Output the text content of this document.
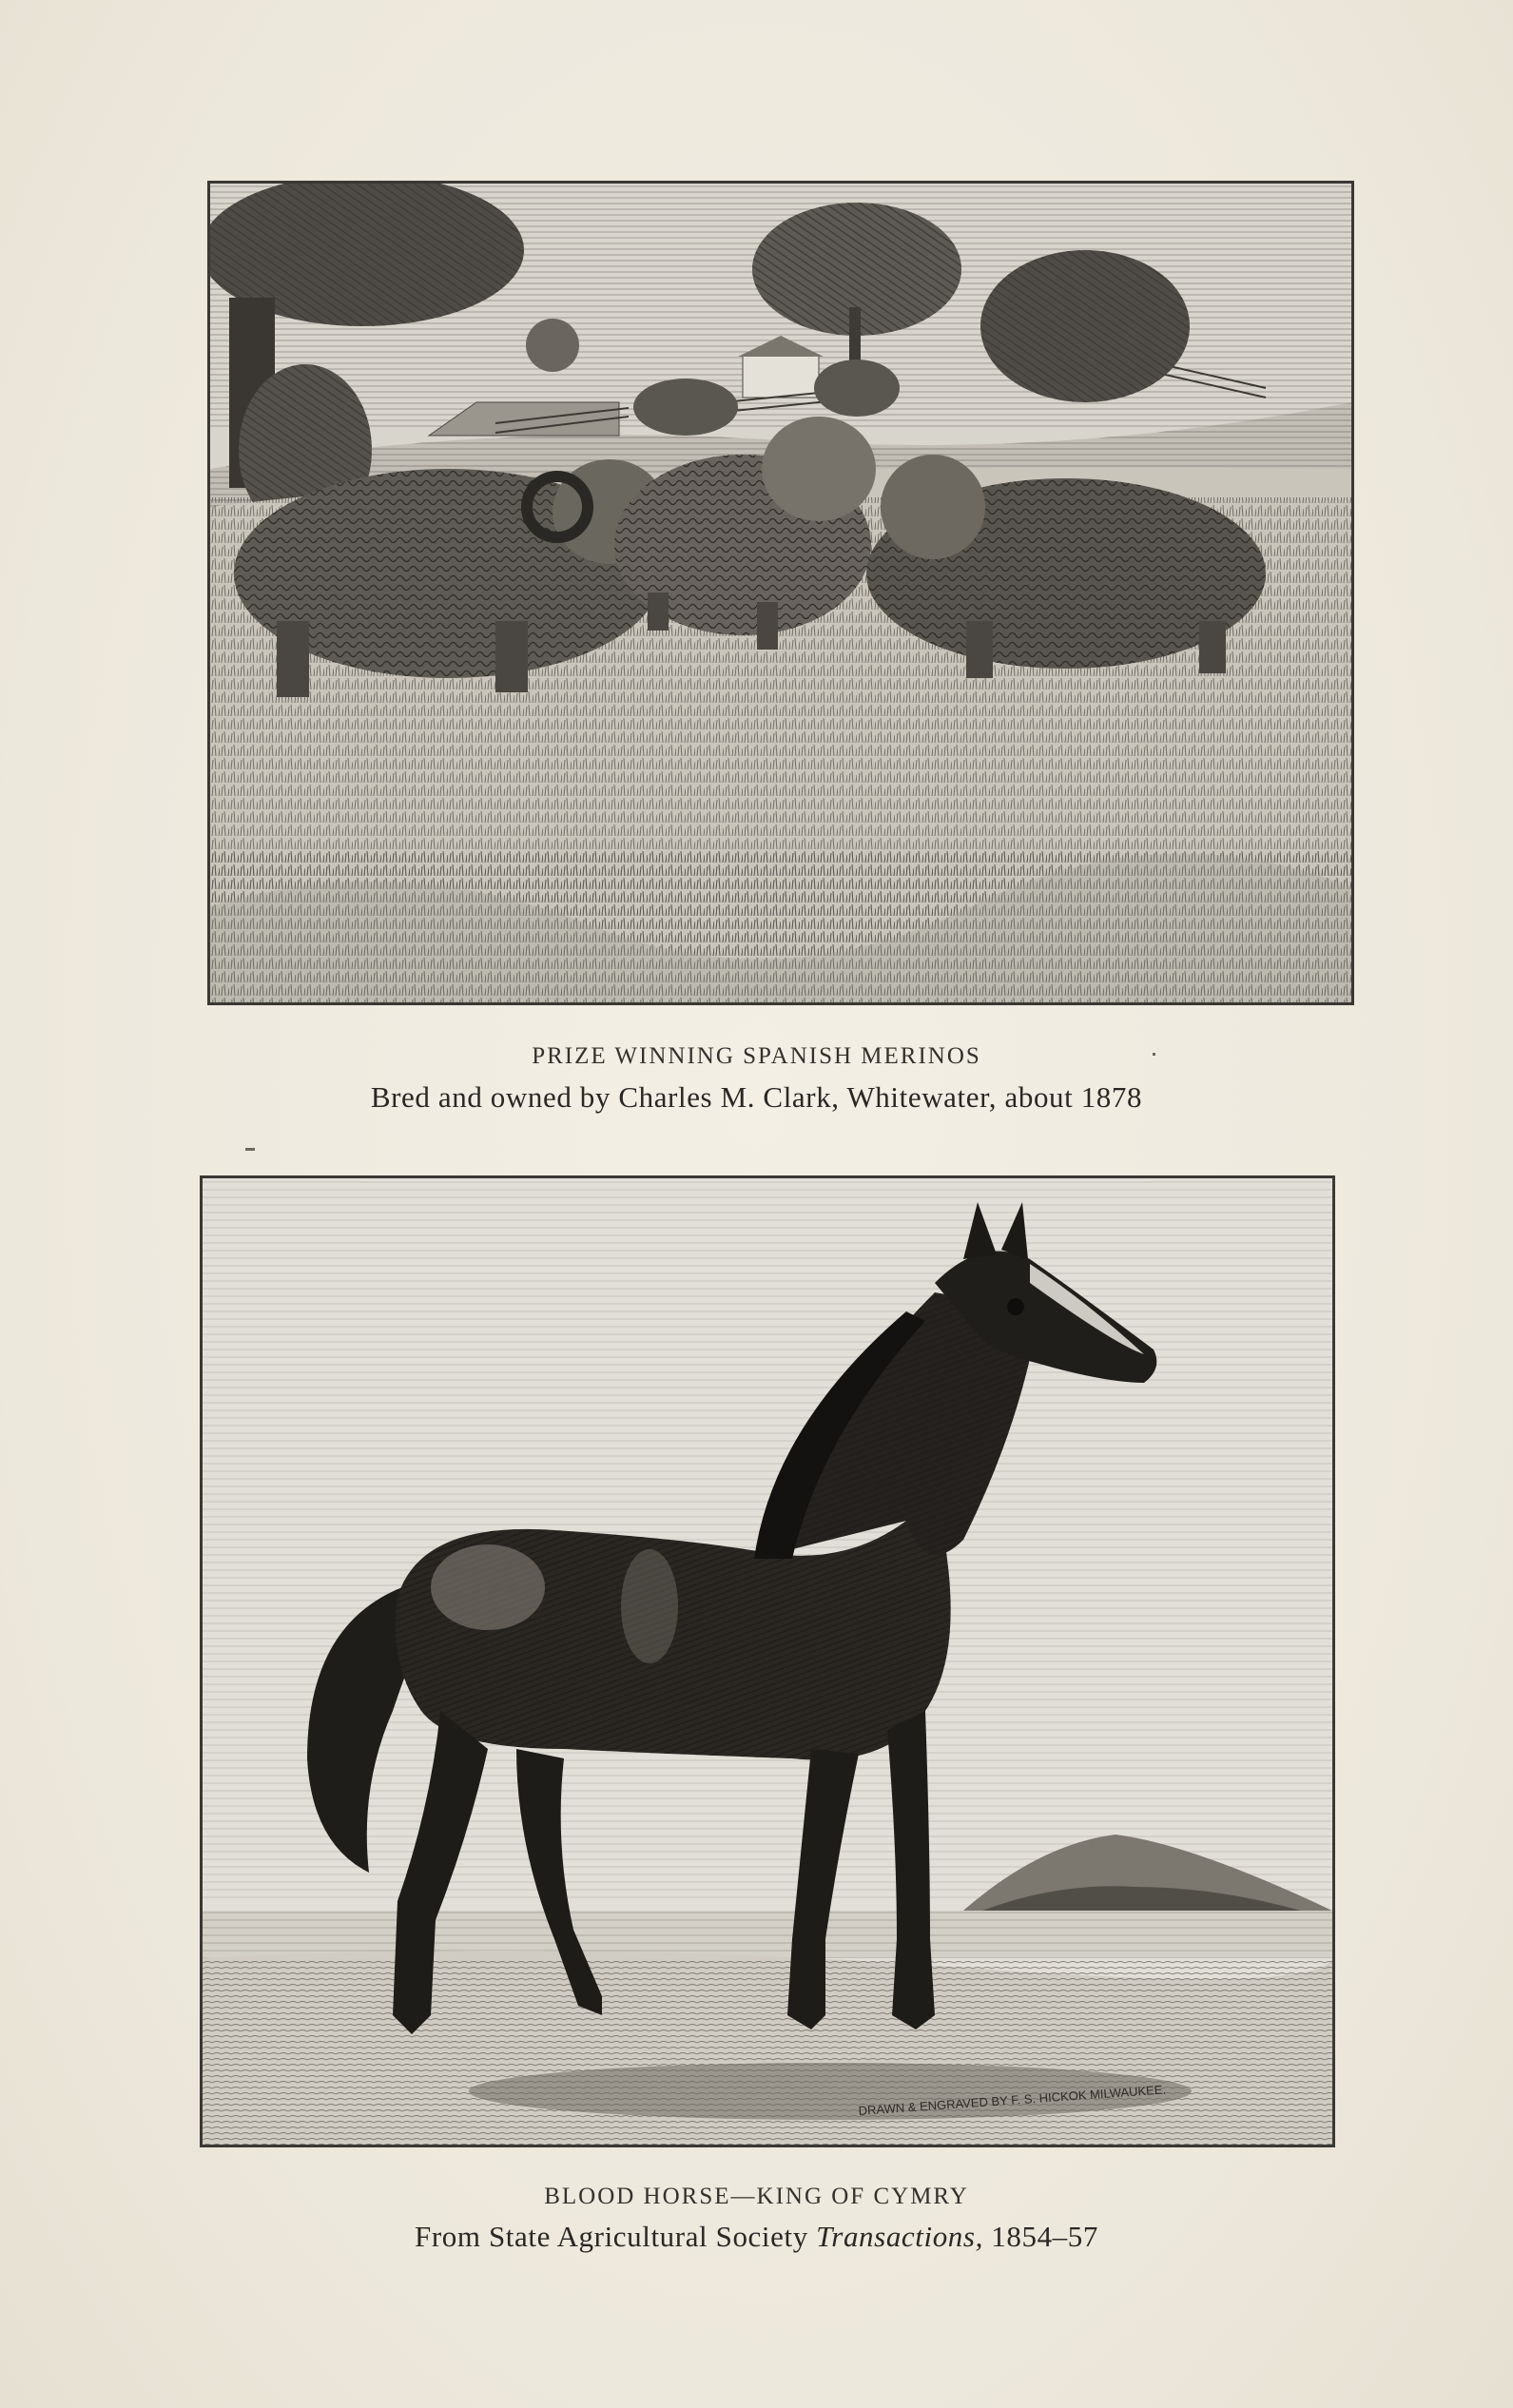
PRIZE WINNING SPANISH MERINOS
Bred and owned by Charles M. Clark, Whitewater, about 1878
DRAWN & ENGRAVED BY F. S. HICKOK MILWAUKEE.
BLOOD HORSE—KING OF CYMRY
From State Agricultural Society Transactions, 1854–57
